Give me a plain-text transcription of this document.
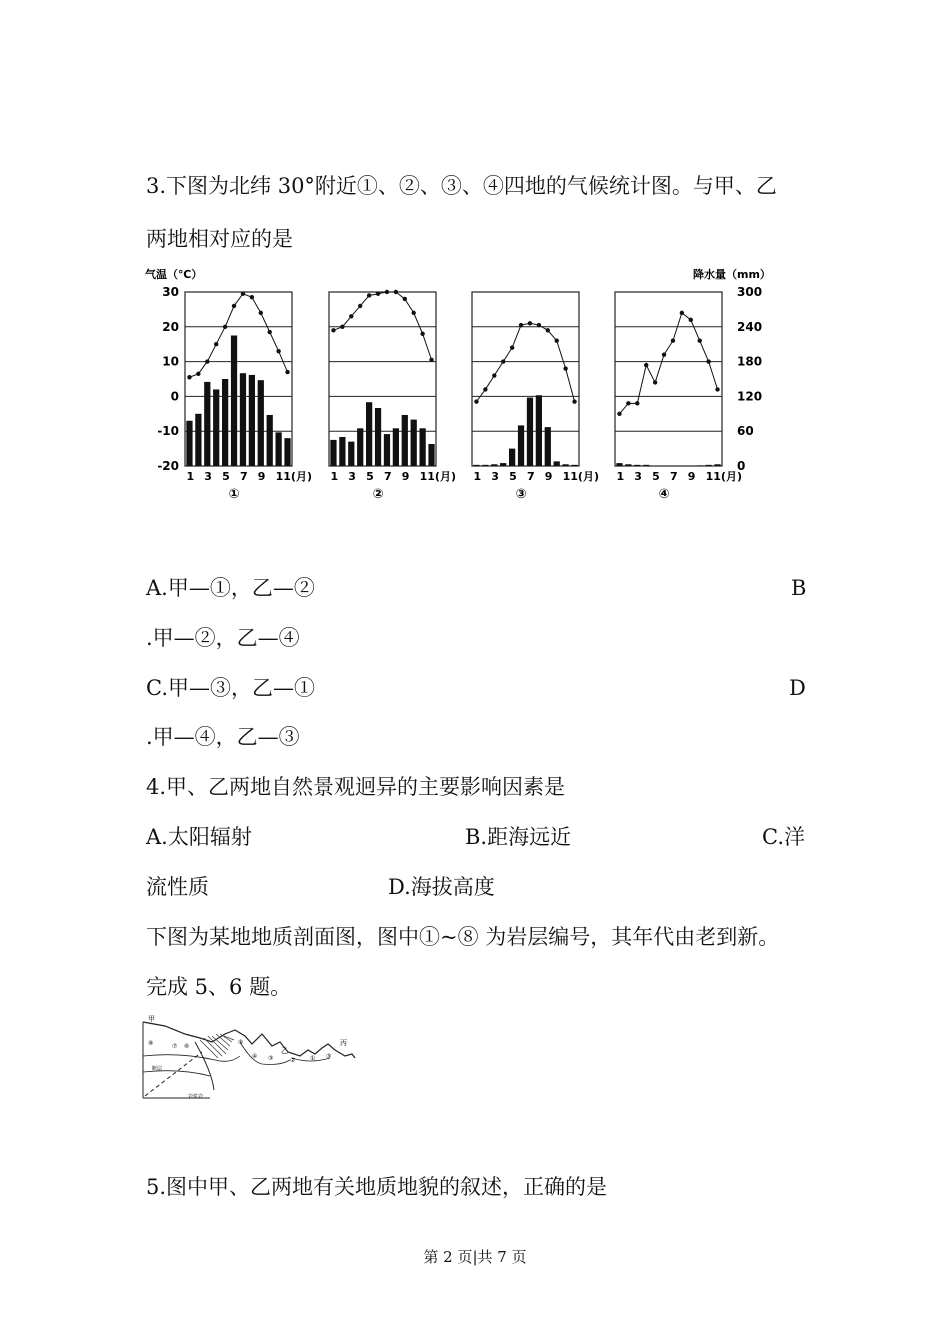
3.下图为北纬 30°附近①、②、③、④四地的气候统计图。与甲、乙
两地相对应的是
气温（℃）	降水量（mm）
30
20
10
0
-10
-20
300
240
180
120
60
0
1 3 5 7 9 11(月)
①
1 3 5 7 9 11(月)
②
1 3 5 7 9 11(月)
③
1 3 5 7 9 11(月)
④
A.甲—①，乙—②	B
.甲—②，乙—④
C.甲—③，乙—①	D
.甲—④，乙—③
4.甲、乙两地自然景观迥异的主要影响因素是
A.太阳辐射	B.距海远近	C.洋
流性质	D.海拔高度
下图为某地地质剖面图，图中①~⑧ 为岩层编号，其年代由老到新。
完成 5、6 题。
甲
乙
丙
断层
岩浆岩
⑧	⑦ ⑥
⑤
④ ③	② ① ③
5.图中甲、乙两地有关地质地貌的叙述，正确的是
第 2 页|共 7 页
